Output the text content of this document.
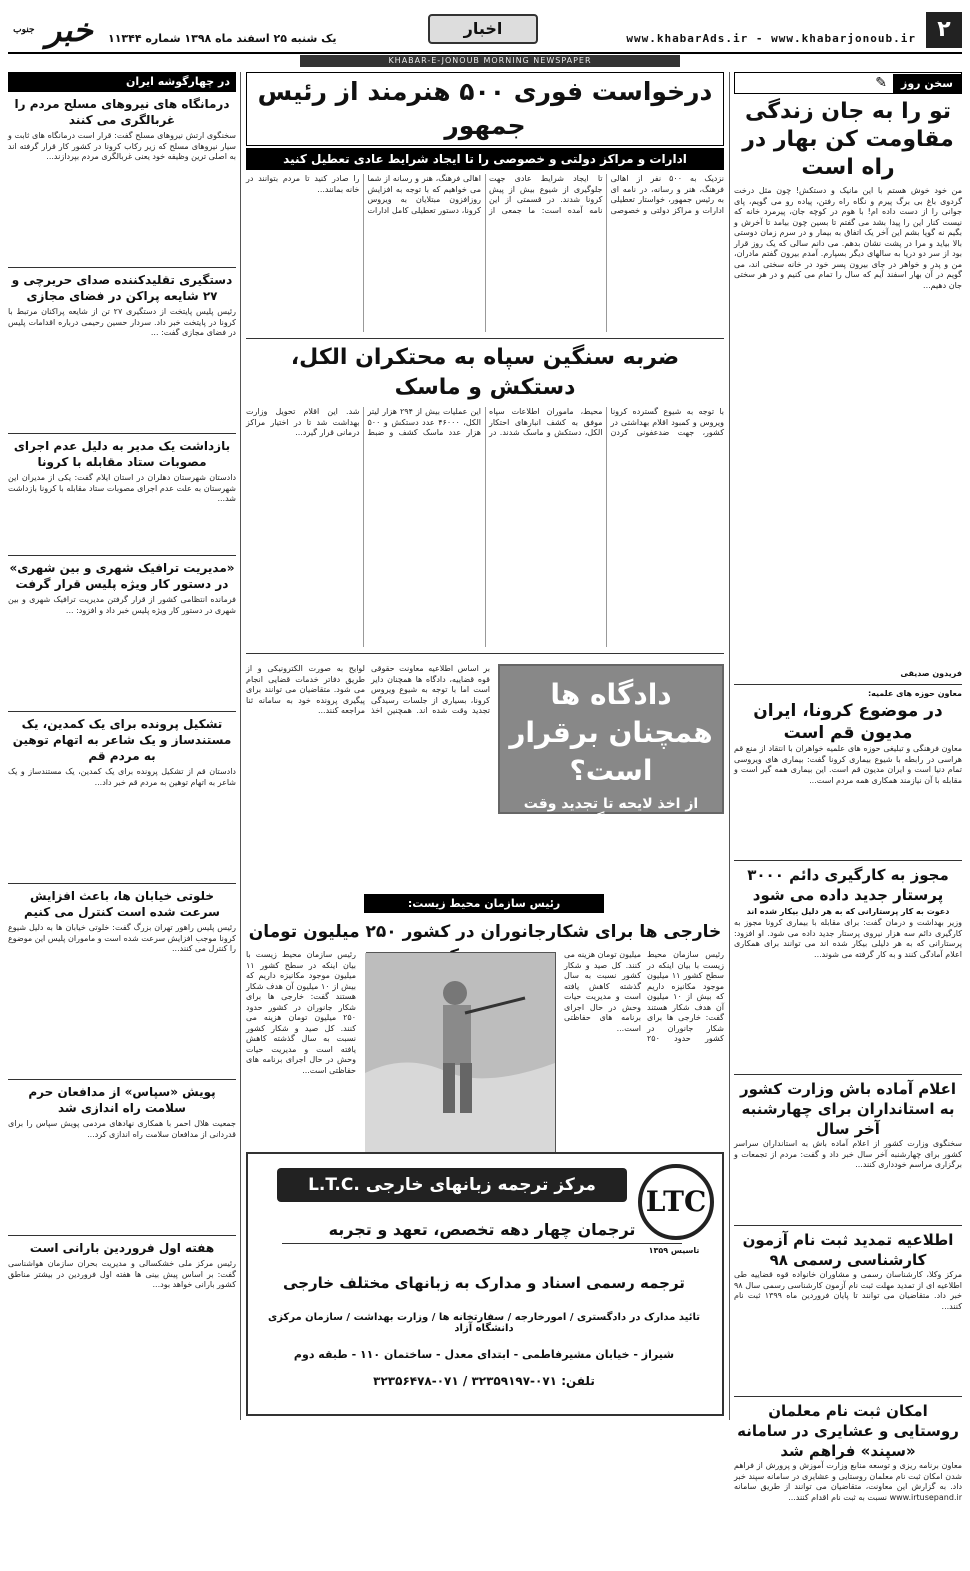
۲
www.khabarAds.ir - www.khabarjonoub.ir
اخبار
یک شنبه ۲۵ اسفند ماه ۱۳۹۸ شماره ۱۱۳۴۴
خبر $^{جنوب}$
KHABAR-E-JONOUB MORNING NEWSPAPER
سخن روز
✎
تو را به جان زندگی مقاومت کن بهار در راه است
من خود خوش هستم با این مانیک و دستکش! چون مثل درخت گردوی باغ بی برگ پیرم و نگاه راه رفتن، پیاده رو می گویم، پای جوانی را از دست داده ام! با هوم در کوچه جان، پیرمرد خانه که نیست کنار این را پیدا بشد می گفتم تا بسین چون بیامد تا آخرش و بگیم نه گویا بشم این آخر یک اتفاق به بیمار و در سرم زمان دوستی بالا بیاید و مرا در پشت نشان بدهم. می دانم سالی که یک روز قرار بود از سر دو دریا به سالهای دیگر بسپارم. آمدم بیرون گفتم مادران، من و پدر و خواهر در جای بیرون پسر خود در خانه سختی اند، می گویم در آن بهار اسفند آیم که سال را تمام می کنیم و در هر سختی جان دهیم...
فریدون صدیقی
معاون حوزه های علمیه:
در موضوع کرونا، ایران مدیون قم است
معاون فرهنگی و تبلیغی حوزه های علمیه خواهران با انتقاد از منع قم هراسی در رابطه با شیوع بیماری کرونا گفت: بیماری های ویروسی تمام دنیا است و ایران مدیون قم است. این بیماری همه گیر است و مقابله با آن نیازمند همکاری همه مردم است...
مجوز به کارگیری دائم ۳۰۰۰ پرستار جدید داده می شود
دعوت به کار پرستارانی که به هر دلیل بیکار شده اند
وزیر بهداشت و درمان گفت: برای مقابله با بیماری کرونا مجوز به کارگیری دائم سه هزار نیروی پرستار جدید داده می شود. او افزود: پرستارانی که به هر دلیلی بیکار شده اند می توانند برای همکاری اعلام آمادگی کنند و به کار گرفته می شوند...
اعلام آماده باش وزارت کشور به استانداران برای چهارشنبه آخر سال
سخنگوی وزارت کشور از اعلام آماده باش به استانداران سراسر کشور برای چهارشنبه آخر سال خبر داد و گفت: مردم از تجمعات و برگزاری مراسم خودداری کنند...
اطلاعیه تمدید ثبت نام آزمون کارشناسی رسمی ۹۸
مرکز وکلا، کارشناسان رسمی و مشاوران خانواده قوه قضاییه طی اطلاعیه ای از تمدید مهلت ثبت نام آزمون کارشناسی رسمی سال ۹۸ خبر داد. متقاضیان می توانند تا پایان فروردین ماه ۱۳۹۹ ثبت نام کنند...
امکان ثبت نام معلمان روستایی و عشایری در سامانه «سپند» فراهم شد
معاون برنامه ریزی و توسعه منابع وزارت آموزش و پرورش از فراهم شدن امکان ثبت نام معلمان روستایی و عشایری در سامانه سپند خبر داد. به گزارش این معاونت، متقاضیان می توانند از طریق سامانه www.irtusepand.ir نسبت به ثبت نام اقدام کنند...
درخواست فوری ۵۰۰ هنرمند از رئیس جمهور
ادارات و مراکز دولتی و خصوصی را تا ایجاد شرایط عادی تعطیل کنید
نزدیک به ۵۰۰ نفر از اهالی فرهنگ، هنر و رسانه، در نامه ای به رئیس جمهور، خواستار تعطیلی ادارات و مراکز دولتی و خصوصی تا ایجاد شرایط عادی جهت جلوگیری از شیوع بیش از پیش کرونا شدند. در قسمتی از این نامه آمده است: ما جمعی از اهالی فرهنگ، هنر و رسانه از شما می خواهیم که با توجه به افزایش روزافزون مبتلایان به ویروس کرونا، دستور تعطیلی کامل ادارات را صادر کنید تا مردم بتوانند در خانه بمانند...
ضربه سنگین سپاه به محتکران الکل، دستکش و ماسک
با توجه به شیوع گسترده کرونا ویروس و کمبود اقلام بهداشتی در کشور، جهت ضدعفونی کردن محیط، ماموران اطلاعات سپاه موفق به کشف انبارهای احتکار الکل، دستکش و ماسک شدند. در این عملیات بیش از ۲۹۴ هزار لیتر الکل، ۴۶۰۰۰ عدد دستکش و ۵۰۰ هزار عدد ماسک کشف و ضبط شد. این اقلام تحویل وزارت بهداشت شد تا در اختیار مراکز درمانی قرار گیرد...
دادگاه ها همچنان برقرار است؟
از اخذ لایحه تا تجدید وقت رسیدگی
بر اساس اطلاعیه معاونت حقوقی قوه قضاییه، دادگاه ها همچنان دایر است اما با توجه به شیوع ویروس کرونا، بسیاری از جلسات رسیدگی تجدید وقت شده اند. همچنین اخذ لوایح به صورت الکترونیکی و از طریق دفاتر خدمات قضایی انجام می شود. متقاضیان می توانند برای پیگیری پرونده خود به سامانه ثنا مراجعه کنند...
رئیس سازمان محیط زیست:
خارجی ها برای شکارجانوران در کشور ۲۵۰ میلیون تومان
رئیس سازمان محیط زیست با بیان اینکه در سطح کشور ۱۱ میلیون موجود مکانیزه داریم که بیش از ۱۰ میلیون آن هدف شکار هستند گفت: خارجی ها برای شکار جانوران در کشور حدود ۲۵۰ میلیون تومان هزینه می کنند. کل صید و شکار کشور نسبت به سال گذشته کاهش یافته است و مدیریت حیات وحش در حال اجرای برنامه های حفاظتی است...
رئیس سازمان محیط زیست با بیان اینکه در سطح کشور ۱۱ میلیون موجود مکانیزه داریم که بیش از ۱۰ میلیون آن هدف شکار هستند گفت: خارجی ها برای شکار جانوران در کشور حدود ۲۵۰ میلیون تومان هزینه می کنند. کل صید و شکار کشور نسبت به سال گذشته کاهش یافته است و مدیریت حیات وحش در حال اجرای برنامه های حفاظتی است...
LTC
تاسیس ۱۳۵۹
مرکز ترجمه زبانهای خارجی .L.T.C
ترجمان چهار دهه تخصص، تعهد و تجربه
ترجمه رسمی اسناد و مدارک به زبانهای مختلف خارجی
تائید مدارک در دادگستری / امورخارجه / سفارتخانه ها / وزارت بهداشت / سازمان مرکزی دانشگاه آزاد
شیراز - خیابان مشیرفاطمی - ابتدای معدل - ساختمان ۱۱۰ - طبقه دوم
تلفن: ۰۷۱-۳۲۳۵۹۱۹۷ / ۰۷۱-۳۲۳۵۶۴۷۸
در چهارگوشه ایران
درمانگاه های نیروهای مسلح مردم را غربالگری می کنند
سخنگوی ارتش نیروهای مسلح گفت: قرار است درمانگاه های ثابت و سیار نیروهای مسلح که زیر رکاب کرونا در کشور کار قرار گرفته اند به اصلی ترین وظیفه خود یعنی غربالگری مردم بپردازند...
دستگیری تقلیدکننده صدای حریرچی و ۲۷ شایعه پراکن در فضای مجازی
رئیس پلیس پایتخت از دستگیری ۲۷ تن از شایعه پراکنان مرتبط با کرونا در پایتخت خبر داد. سردار حسین رحیمی درباره اقدامات پلیس در فضای مجازی گفت: ...
بازداشت یک مدیر به دلیل عدم اجرای مصوبات ستاد مقابله با کرونا
دادستان شهرستان دهلران در استان ایلام گفت: یکی از مدیران این شهرستان به علت عدم اجرای مصوبات ستاد مقابله با کرونا بازداشت شد...
«مدیریت ترافیک شهری و بین شهری» در دستور کار ویژه پلیس قرار گرفت
فرمانده انتظامی کشور از قرار گرفتن مدیریت ترافیک شهری و بین شهری در دستور کار ویژه پلیس خبر داد و افزود: ...
تشکیل پرونده برای یک کمدین، یک مستندساز و یک شاعر به اتهام توهین به مردم قم
دادستان قم از تشکیل پرونده برای یک کمدین، یک مستندساز و یک شاعر به اتهام توهین به مردم قم خبر داد...
خلوتی خیابان ها، باعث افزایش سرعت شده است کنترل می کنیم
رئیس پلیس راهور تهران بزرگ گفت: خلوتی خیابان ها به دلیل شیوع کرونا موجب افزایش سرعت شده است و ماموران پلیس این موضوع را کنترل می کنند...
پویش «سپاس» از مدافعان حرم سلامت راه اندازی شد
جمعیت هلال احمر با همکاری نهادهای مردمی پویش سپاس را برای قدردانی از مدافعان سلامت راه اندازی کرد...
هفته اول فروردین بارانی است
رئیس مرکز ملی خشکسالی و مدیریت بحران سازمان هواشناسی گفت: بر اساس پیش بینی ها هفته اول فروردین در بیشتر مناطق کشور بارانی خواهد بود...
